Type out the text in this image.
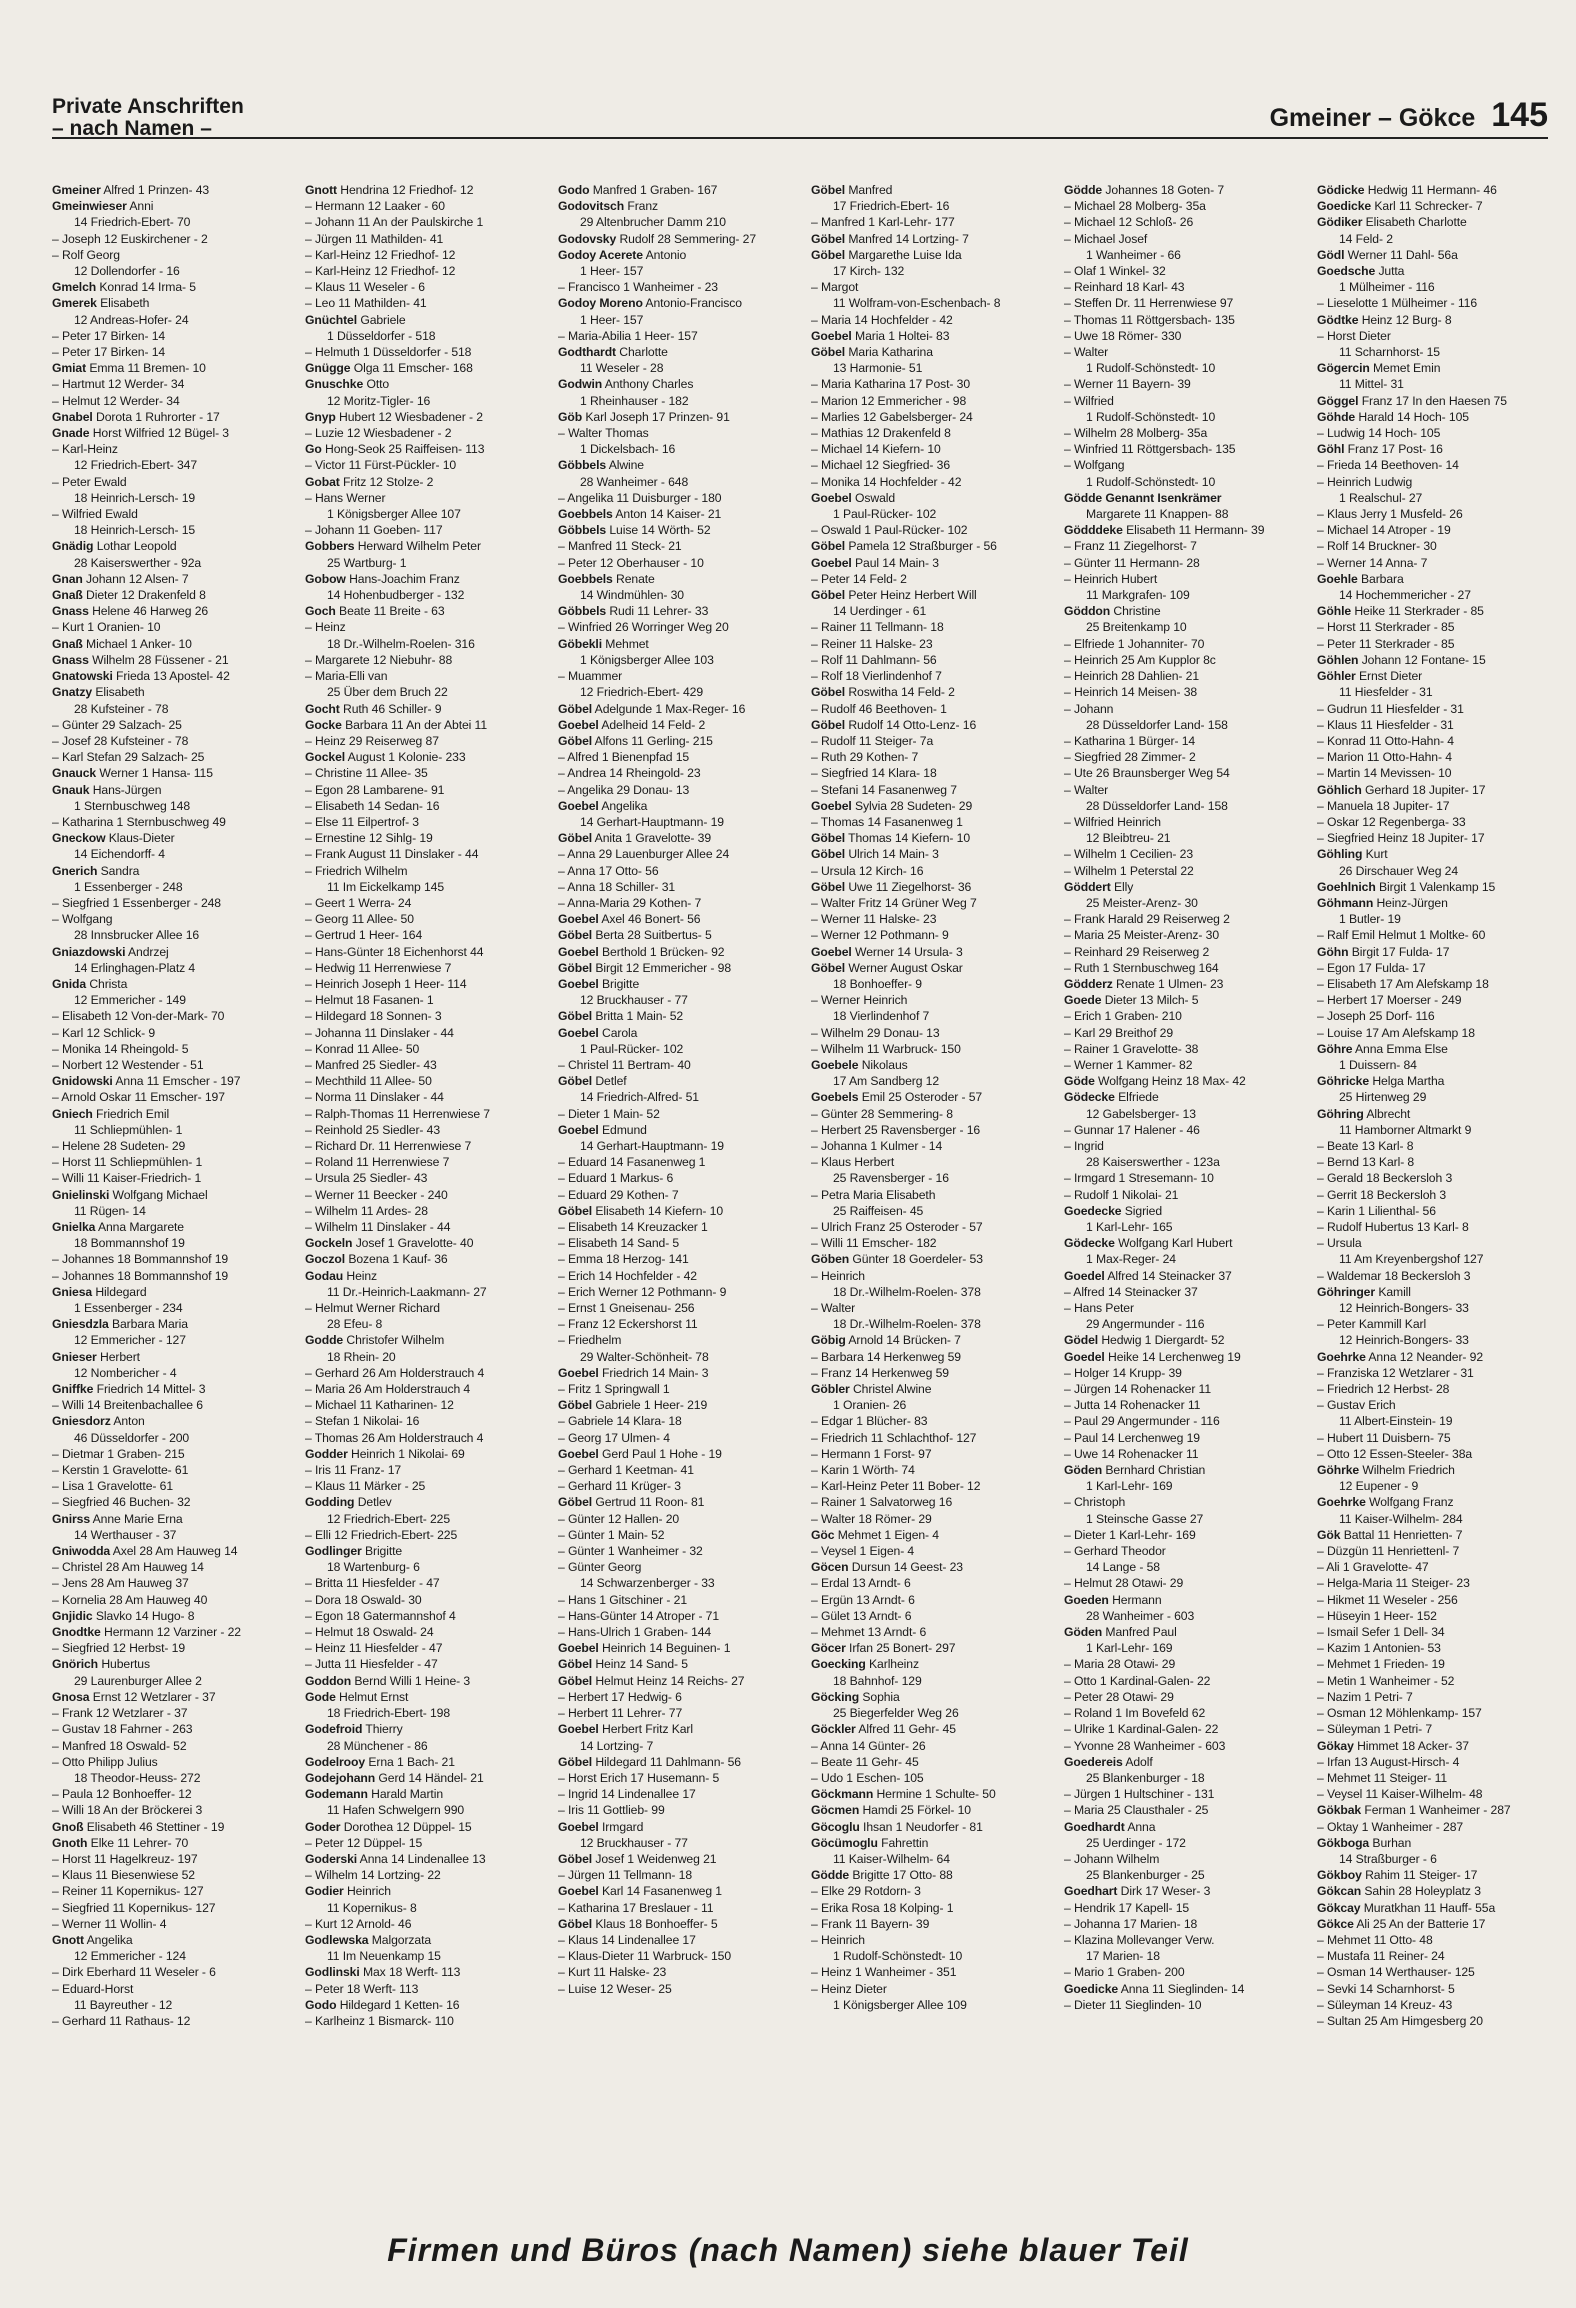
Private Anschriften
– nach Namen –	Gmeiner – Gökce 145
Gmeiner Alfred 1 Prinzen- 43
Gmeinwieser Anni
14 Friedrich-Ebert- 70
– Joseph 12 Euskirchener - 2
– Rolf Georg
12 Dollendorfer - 16
Gmelch Konrad 14 Irma- 5
Gmerek Elisabeth
12 Andreas-Hofer- 24
– Peter 17 Birken- 14
– Peter 17 Birken- 14
Gmiat Emma 11 Bremen- 10
– Hartmut 12 Werder- 34
– Helmut 12 Werder- 34
Gnabel Dorota 1 Ruhrorter - 17
Gnade Horst Wilfried 12 Bügel- 3
– Karl-Heinz
12 Friedrich-Ebert- 347
– Peter Ewald
18 Heinrich-Lersch- 19
– Wilfried Ewald
18 Heinrich-Lersch- 15
Gnädig Lothar Leopold
28 Kaiserswerther - 92a
Gnan Johann 12 Alsen- 7
Gnaß Dieter 12 Drakenfeld 8
Gnass Helene 46 Harweg 26
– Kurt 1 Oranien- 10
Gnaß Michael 1 Anker- 10
Gnass Wilhelm 28 Füssener - 21
Gnatowski Frieda 13 Apostel- 42
Gnatzy Elisabeth
28 Kufsteiner - 78
– Günter 29 Salzach- 25
– Josef 28 Kufsteiner - 78
– Karl Stefan 29 Salzach- 25
Gnauck Werner 1 Hansa- 115
Gnauk Hans-Jürgen
1 Sternbuschweg 148
– Katharina 1 Sternbuschweg 49
Gneckow Klaus-Dieter
14 Eichendorff- 4
Gnerich Sandra
1 Essenberger - 248
– Siegfried 1 Essenberger - 248
– Wolfgang
28 Innsbrucker Allee 16
Gniazdowski Andrzej
14 Erlinghagen-Platz 4
Gnida Christa
12 Emmericher - 149
– Elisabeth 12 Von-der-Mark- 70
– Karl 12 Schlick- 9
– Monika 14 Rheingold- 5
– Norbert 12 Westender - 51
Gnidowski Anna 11 Emscher - 197
– Arnold Oskar 11 Emscher- 197
Gniech Friedrich Emil
11 Schliepmühlen- 1
– Helene 28 Sudeten- 29
– Horst 11 Schliepmühlen- 1
– Willi 11 Kaiser-Friedrich- 1
Gnielinski Wolfgang Michael
11 Rügen- 14
Gnielka Anna Margarete
18 Bommannshof 19
– Johannes 18 Bommannshof 19
– Johannes 18 Bommannshof 19
Gniesa Hildegard
1 Essenberger - 234
Gniesdzla Barbara Maria
12 Emmericher - 127
Gnieser Herbert
12 Nombericher - 4
Gniffke Friedrich 14 Mittel- 3
– Willi 14 Breitenbachallee 6
Gniesdorz Anton
46 Düsseldorfer - 200
– Dietmar 1 Graben- 215
– Kerstin 1 Gravelotte- 61
– Lisa 1 Gravelotte- 61
– Siegfried 46 Buchen- 32
Gnirss Anne Marie Erna
14 Werthauser - 37
Gniwodda Axel 28 Am Hauweg 14
– Christel 28 Am Hauweg 14
– Jens 28 Am Hauweg 37
– Kornelia 28 Am Hauweg 40
Gnjidic Slavko 14 Hugo- 8
Gnodtke Hermann 12 Varziner - 22
– Siegfried 12 Herbst- 19
Gnörich Hubertus
29 Laurenburger Allee 2
Gnosa Ernst 12 Wetzlarer - 37
– Frank 12 Wetzlarer - 37
– Gustav 18 Fahrner - 263
– Manfred 18 Oswald- 52
– Otto Philipp Julius
18 Theodor-Heuss- 272
– Paula 12 Bonhoeffer- 12
– Willi 18 An der Bröckerei 3
Gnoß Elisabeth 46 Stettiner - 19
Gnoth Elke 11 Lehrer- 70
– Horst 11 Hagelkreuz- 197
– Klaus 11 Biesenwiese 52
– Reiner 11 Kopernikus- 127
– Siegfried 11 Kopernikus- 127
– Werner 11 Wollin- 4
Gnott Angelika
12 Emmericher - 124
– Dirk Eberhard 11 Weseler - 6
– Eduard-Horst
11 Bayreuther - 12
– Gerhard 11 Rathaus- 12
Gnott Hendrina 12 Friedhof- 12
– Hermann 12 Laaker - 60
– Johann 11 An der Paulskirche 1
– Jürgen 11 Mathilden- 41
– Karl-Heinz 12 Friedhof- 12
– Karl-Heinz 12 Friedhof- 12
– Klaus 11 Weseler - 6
– Leo 11 Mathilden- 41
Gnüchtel Gabriele
1 Düsseldorfer - 518
– Helmuth 1 Düsseldorfer - 518
Gnügge Olga 11 Emscher- 168
Gnuschke Otto
12 Moritz-Tigler- 16
Gnyp Hubert 12 Wiesbadener - 2
– Luzie 12 Wiesbadener - 2
Go Hong-Seok 25 Raiffeisen- 113
– Victor 11 Fürst-Pückler- 10
Gobat Fritz 12 Stolze- 2
– Hans Werner
1 Königsberger Allee 107
– Johann 11 Goeben- 117
Gobbers Herward Wilhelm Peter
25 Wartburg- 1
Gobow Hans-Joachim Franz
14 Hohenbudberger - 132
Goch Beate 11 Breite - 63
– Heinz
18 Dr.-Wilhelm-Roelen- 316
– Margarete 12 Niebuhr- 88
– Maria-Elli van
25 Über dem Bruch 22
Gocht Ruth 46 Schiller- 9
Gocke Barbara 11 An der Abtei 11
– Heinz 29 Reiserweg 87
Gockel August 1 Kolonie- 233
– Christine 11 Allee- 35
– Egon 28 Lambarene- 91
– Elisabeth 14 Sedan- 16
– Else 11 Eilpertrof- 3
– Ernestine 12 Sihlg- 19
– Frank August 11 Dinslaker - 44
– Friedrich Wilhelm
11 Im Eickelkamp 145
– Geert 1 Werra- 24
– Georg 11 Allee- 50
– Gertrud 1 Heer- 164
– Hans-Günter 18 Eichenhorst 44
– Hedwig 11 Herrenwiese 7
– Heinrich Joseph 1 Heer- 114
– Helmut 18 Fasanen- 1
– Hildegard 18 Sonnen- 3
– Johanna 11 Dinslaker - 44
– Konrad 11 Allee- 50
– Manfred 25 Siedler- 43
– Mechthild 11 Allee- 50
– Norma 11 Dinslaker - 44
– Ralph-Thomas 11 Herrenwiese 7
– Reinhold 25 Siedler- 43
– Richard Dr. 11 Herrenwiese 7
– Roland 11 Herrenwiese 7
– Ursula 25 Siedler- 43
– Werner 11 Beecker - 240
– Wilhelm 11 Ardes- 28
– Wilhelm 11 Dinslaker - 44
Gockeln Josef 1 Gravelotte- 40
Goczol Bozena 1 Kauf- 36
Godau Heinz
11 Dr.-Heinrich-Laakmann- 27
– Helmut Werner Richard
28 Efeu- 8
Godde Christofer Wilhelm
18 Rhein- 20
– Gerhard 26 Am Holderstrauch 4
– Maria 26 Am Holderstrauch 4
– Michael 11 Katharinen- 12
– Stefan 1 Nikolai- 16
– Thomas 26 Am Holderstrauch 4
Godder Heinrich 1 Nikolai- 69
– Iris 11 Franz- 17
– Klaus 11 Märker - 25
Godding Detlev
12 Friedrich-Ebert- 225
– Elli 12 Friedrich-Ebert- 225
Godlinger Brigitte
18 Wartenburg- 6
– Britta 11 Hiesfelder - 47
– Dora 18 Oswald- 30
– Egon 18 Gatermannshof 4
– Helmut 18 Oswald- 24
– Heinz 11 Hiesfelder - 47
– Jutta 11 Hiesfelder - 47
Goddon Bernd Willi 1 Heine- 3
Gode Helmut Ernst
18 Friedrich-Ebert- 198
Godefroid Thierry
28 Münchener - 86
Godelrooy Erna 1 Bach- 21
Godejohann Gerd 14 Händel- 21
Godemann Harald Martin
11 Hafen Schwelgern 990
Goder Dorothea 12 Düppel- 15
– Peter 12 Düppel- 15
Goderski Anna 14 Lindenallee 13
– Wilhelm 14 Lortzing- 22
Godier Heinrich
11 Kopernikus- 8
– Kurt 12 Arnold- 46
Godlewska Malgorzata
11 Im Neuenkamp 15
Godlinski Max 18 Werft- 113
– Peter 18 Werft- 113
Godo Hildegard 1 Ketten- 16
– Karlheinz 1 Bismarck- 110
Godo Manfred 1 Graben- 167
Godovitsch Franz
29 Altenbrucher Damm 210
Godovsky Rudolf 28 Semmering- 27
Godoy Acerete Antonio
1 Heer- 157
– Francisco 1 Wanheimer - 23
Godoy Moreno Antonio-Francisco
1 Heer- 157
– Maria-Abilia 1 Heer- 157
Godthardt Charlotte
11 Weseler - 28
Godwin Anthony Charles
1 Rheinhauser - 182
Göb Karl Joseph 17 Prinzen- 91
– Walter Thomas
1 Dickelsbach- 16
Göbbels Alwine
28 Wanheimer - 648
– Angelika 11 Duisburger - 180
Goebbels Anton 14 Kaiser- 21
Göbbels Luise 14 Wörth- 52
– Manfred 11 Steck- 21
– Peter 12 Oberhauser - 10
Goebbels Renate
14 Windmühlen- 30
Göbbels Rudi 11 Lehrer- 33
– Winfried 26 Worringer Weg 20
Göbekli Mehmet
1 Königsberger Allee 103
– Muammer
12 Friedrich-Ebert- 429
Göbel Adelgunde 1 Max-Reger- 16
Goebel Adelheid 14 Feld- 2
Göbel Alfons 11 Gerling- 215
– Alfred 1 Bienenpfad 15
– Andrea 14 Rheingold- 23
– Angelika 29 Donau- 13
Goebel Angelika
14 Gerhart-Hauptmann- 19
Göbel Anita 1 Gravelotte- 39
– Anna 29 Lauenburger Allee 24
– Anna 17 Otto- 56
– Anna 18 Schiller- 31
– Anna-Maria 29 Kothen- 7
Goebel Axel 46 Bonert- 56
Göbel Berta 28 Suitbertus- 5
Goebel Berthold 1 Brücken- 92
Göbel Birgit 12 Emmericher - 98
Goebel Brigitte
12 Bruckhauser - 77
Göbel Britta 1 Main- 52
Goebel Carola
1 Paul-Rücker- 102
– Christel 11 Bertram- 40
Göbel Detlef
14 Friedrich-Alfred- 51
– Dieter 1 Main- 52
Goebel Edmund
14 Gerhart-Hauptmann- 19
– Eduard 14 Fasanenweg 1
– Eduard 1 Markus- 6
– Eduard 29 Kothen- 7
Göbel Elisabeth 14 Kiefern- 10
– Elisabeth 14 Kreuzacker 1
– Elisabeth 14 Sand- 5
– Emma 18 Herzog- 141
– Erich 14 Hochfelder - 42
– Erich Werner 12 Pothmann- 9
– Ernst 1 Gneisenau- 256
– Franz 12 Eckershorst 11
– Friedhelm
29 Walter-Schönheit- 78
Goebel Friedrich 14 Main- 3
– Fritz 1 Springwall 1
Göbel Gabriele 1 Heer- 219
– Gabriele 14 Klara- 18
– Georg 17 Ulmen- 4
Goebel Gerd Paul 1 Hohe - 19
– Gerhard 1 Keetman- 41
– Gerhard 11 Krüger- 3
Göbel Gertrud 11 Roon- 81
– Günter 12 Hallen- 20
– Günter 1 Main- 52
– Günter 1 Wanheimer - 32
– Günter Georg
14 Schwarzenberger - 33
– Hans 1 Gitschiner - 21
– Hans-Günter 14 Atroper - 71
– Hans-Ulrich 1 Graben- 144
Goebel Heinrich 14 Beguinen- 1
Göbel Heinz 14 Sand- 5
Göbel Helmut Heinz 14 Reichs- 27
– Herbert 17 Hedwig- 6
– Herbert 11 Lehrer- 77
Goebel Herbert Fritz Karl
14 Lortzing- 7
Göbel Hildegard 11 Dahlmann- 56
– Horst Erich 17 Husemann- 5
– Ingrid 14 Lindenallee 17
– Iris 11 Gottlieb- 99
Goebel Irmgard
12 Bruckhauser - 77
Göbel Josef 1 Weidenweg 21
– Jürgen 11 Tellmann- 18
Goebel Karl 14 Fasanenweg 1
– Katharina 17 Breslauer - 11
Göbel Klaus 18 Bonhoeffer- 5
– Klaus 14 Lindenallee 17
– Klaus-Dieter 11 Warbruck- 150
– Kurt 11 Halske- 23
– Luise 12 Weser- 25
Göbel Manfred
17 Friedrich-Ebert- 16
– Manfred 1 Karl-Lehr- 177
Göbel Manfred 14 Lortzing- 7
Göbel Margarethe Luise Ida
17 Kirch- 132
– Margot
11 Wolfram-von-Eschenbach- 8
– Maria 14 Hochfelder - 42
Goebel Maria 1 Holtei- 83
Göbel Maria Katharina
13 Harmonie- 51
– Maria Katharina 17 Post- 30
– Marion 12 Emmericher - 98
– Marlies 12 Gabelsberger- 24
– Mathias 12 Drakenfeld 8
– Michael 14 Kiefern- 10
– Michael 12 Siegfried- 36
– Monika 14 Hochfelder - 42
Goebel Oswald
1 Paul-Rücker- 102
– Oswald 1 Paul-Rücker- 102
Göbel Pamela 12 Straßburger - 56
Goebel Paul 14 Main- 3
– Peter 14 Feld- 2
Göbel Peter Heinz Herbert Will
14 Uerdinger - 61
– Rainer 11 Tellmann- 18
– Reiner 11 Halske- 23
– Rolf 11 Dahlmann- 56
– Rolf 18 Vierlindenhof 7
Göbel Roswitha 14 Feld- 2
– Rudolf 46 Beethoven- 1
Göbel Rudolf 14 Otto-Lenz- 16
– Rudolf 11 Steiger- 7a
– Ruth 29 Kothen- 7
– Siegfried 14 Klara- 18
– Stefani 14 Fasanenweg 7
Goebel Sylvia 28 Sudeten- 29
– Thomas 14 Fasanenweg 1
Göbel Thomas 14 Kiefern- 10
Göbel Ulrich 14 Main- 3
– Ursula 12 Kirch- 16
Göbel Uwe 11 Ziegelhorst- 36
– Walter Fritz 14 Grüner Weg 7
– Werner 11 Halske- 23
– Werner 12 Pothmann- 9
Goebel Werner 14 Ursula- 3
Göbel Werner August Oskar
18 Bonhoeffer- 9
– Werner Heinrich
18 Vierlindenhof 7
– Wilhelm 29 Donau- 13
– Wilhelm 11 Warbruck- 150
Goebele Nikolaus
17 Am Sandberg 12
Goebels Emil 25 Osteroder - 57
– Günter 28 Semmering- 8
– Herbert 25 Ravensberger - 16
– Johanna 1 Kulmer - 14
– Klaus Herbert
25 Ravensberger - 16
– Petra Maria Elisabeth
25 Raiffeisen- 45
– Ulrich Franz 25 Osteroder - 57
– Willi 11 Emscher- 182
Göben Günter 18 Goerdeler- 53
– Heinrich
18 Dr.-Wilhelm-Roelen- 378
– Walter
18 Dr.-Wilhelm-Roelen- 378
Göbig Arnold 14 Brücken- 7
– Barbara 14 Herkenweg 59
– Franz 14 Herkenweg 59
Göbler Christel Alwine
1 Oranien- 26
– Edgar 1 Blücher- 83
– Friedrich 11 Schlachthof- 127
– Hermann 1 Forst- 97
– Karin 1 Wörth- 74
– Karl-Heinz Peter 11 Bober- 12
– Rainer 1 Salvatorweg 16
– Walter 18 Römer- 29
Göc Mehmet 1 Eigen- 4
– Veysel 1 Eigen- 4
Göcen Dursun 14 Geest- 23
– Erdal 13 Arndt- 6
– Ergün 13 Arndt- 6
– Gület 13 Arndt- 6
– Mehmet 13 Arndt- 6
Göcer Irfan 25 Bonert- 297
Goecking Karlheinz
18 Bahnhof- 129
Göcking Sophia
25 Biegerfelder Weg 26
Göckler Alfred 11 Gehr- 45
– Anna 14 Günter- 26
– Beate 11 Gehr- 45
– Udo 1 Eschen- 105
Göckmann Hermine 1 Schulte- 50
Göcmen Hamdi 25 Förkel- 10
Göcoglu Ihsan 1 Neudorfer - 81
Göcümoglu Fahrettin
11 Kaiser-Wilhelm- 64
Gödde Brigitte 17 Otto- 88
– Elke 29 Rotdorn- 3
– Erika Rosa 18 Kolping- 1
– Frank 11 Bayern- 39
– Heinrich
1 Rudolf-Schönstedt- 10
– Heinz 1 Wanheimer - 351
– Heinz Dieter
1 Königsberger Allee 109
Gödde Johannes 18 Goten- 7
– Michael 28 Molberg- 35a
– Michael 12 Schloß- 26
– Michael Josef
1 Wanheimer - 66
– Olaf 1 Winkel- 32
– Reinhard 18 Karl- 43
– Steffen Dr. 11 Herrenwiese 97
– Thomas 11 Röttgersbach- 135
– Uwe 18 Römer- 330
– Walter
1 Rudolf-Schönstedt- 10
– Werner 11 Bayern- 39
– Wilfried
1 Rudolf-Schönstedt- 10
– Wilhelm 28 Molberg- 35a
– Winfried 11 Röttgersbach- 135
– Wolfgang
1 Rudolf-Schönstedt- 10
Gödde Genannt Isenkrämer
Margarete 11 Knappen- 88
Gödddeke Elisabeth 11 Hermann- 39
– Franz 11 Ziegelhorst- 7
– Günter 11 Hermann- 28
– Heinrich Hubert
11 Markgrafen- 109
Göddon Christine
25 Breitenkamp 10
– Elfriede 1 Johanniter- 70
– Heinrich 25 Am Kupplor 8c
– Heinrich 28 Dahlien- 21
– Heinrich 14 Meisen- 38
– Johann
28 Düsseldorfer Land- 158
– Katharina 1 Bürger- 14
– Siegfried 28 Zimmer- 2
– Ute 26 Braunsberger Weg 54
– Walter
28 Düsseldorfer Land- 158
– Wilfried Heinrich
12 Bleibtreu- 21
– Wilhelm 1 Cecilien- 23
– Wilhelm 1 Peterstal 22
Göddert Elly
25 Meister-Arenz- 30
– Frank Harald 29 Reiserweg 2
– Maria 25 Meister-Arenz- 30
– Reinhard 29 Reiserweg 2
– Ruth 1 Sternbuschweg 164
Gödderz Renate 1 Ulmen- 23
Goede Dieter 13 Milch- 5
– Erich 1 Graben- 210
– Karl 29 Breithof 29
– Rainer 1 Gravelotte- 38
– Werner 1 Kammer- 82
Göde Wolfgang Heinz 18 Max- 42
Gödecke Elfriede
12 Gabelsberger- 13
– Gunnar 17 Halener - 46
– Ingrid
28 Kaiserswerther - 123a
– Irmgard 1 Stresemann- 10
– Rudolf 1 Nikolai- 21
Goedecke Sigried
1 Karl-Lehr- 165
Gödecke Wolfgang Karl Hubert
1 Max-Reger- 24
Goedel Alfred 14 Steinacker 37
– Alfred 14 Steinacker 37
– Hans Peter
29 Angermunder - 116
Gödel Hedwig 1 Diergardt- 52
Goedel Heike 14 Lerchenweg 19
– Holger 14 Krupp- 39
– Jürgen 14 Rohenacker 11
– Jutta 14 Rohenacker 11
– Paul 29 Angermunder - 116
– Paul 14 Lerchenweg 19
– Uwe 14 Rohenacker 11
Göden Bernhard Christian
1 Karl-Lehr- 169
– Christoph
1 Steinsche Gasse 27
– Dieter 1 Karl-Lehr- 169
– Gerhard Theodor
14 Lange - 58
– Helmut 28 Otawi- 29
Goeden Hermann
28 Wanheimer - 603
Göden Manfred Paul
1 Karl-Lehr- 169
– Maria 28 Otawi- 29
– Otto 1 Kardinal-Galen- 22
– Peter 28 Otawi- 29
– Roland 1 Im Bovefeld 62
– Ulrike 1 Kardinal-Galen- 22
– Yvonne 28 Wanheimer - 603
Goedereis Adolf
25 Blankenburger - 18
– Jürgen 1 Hultschiner - 131
– Maria 25 Clausthaler - 25
Goedhardt Anna
25 Uerdinger - 172
– Johann Wilhelm
25 Blankenburger - 25
Goedhart Dirk 17 Weser- 3
– Hendrik 17 Kapell- 15
– Johanna 17 Marien- 18
– Klazina Mollevanger Verw.
17 Marien- 18
– Mario 1 Graben- 200
Goedicke Anna 11 Sieglinden- 14
– Dieter 11 Sieglinden- 10
Gödicke Hedwig 11 Hermann- 46
Goedicke Karl 11 Schrecker- 7
Gödiker Elisabeth Charlotte
14 Feld- 2
Gödl Werner 11 Dahl- 56a
Goedsche Jutta
1 Mülheimer - 116
– Lieselotte 1 Mülheimer - 116
Gödtke Heinz 12 Burg- 8
– Horst Dieter
11 Scharnhorst- 15
Gögercin Memet Emin
11 Mittel- 31
Göggel Franz 17 In den Haesen 75
Göhde Harald 14 Hoch- 105
– Ludwig 14 Hoch- 105
Göhl Franz 17 Post- 16
– Frieda 14 Beethoven- 14
– Heinrich Ludwig
1 Realschul- 27
– Klaus Jerry 1 Musfeld- 26
– Michael 14 Atroper - 19
– Rolf 14 Bruckner- 30
– Werner 14 Anna- 7
Goehle Barbara
14 Hochemmericher - 27
Göhle Heike 11 Sterkrader - 85
– Horst 11 Sterkrader - 85
– Peter 11 Sterkrader - 85
Göhlen Johann 12 Fontane- 15
Göhler Ernst Dieter
11 Hiesfelder - 31
– Gudrun 11 Hiesfelder - 31
– Klaus 11 Hiesfelder - 31
– Konrad 11 Otto-Hahn- 4
– Marion 11 Otto-Hahn- 4
– Martin 14 Mevissen- 10
Göhlich Gerhard 18 Jupiter- 17
– Manuela 18 Jupiter- 17
– Oskar 12 Regenberga- 33
– Siegfried Heinz 18 Jupiter- 17
Göhling Kurt
26 Dirschauer Weg 24
Goehlnich Birgit 1 Valenkamp 15
Göhmann Heinz-Jürgen
1 Butler- 19
– Ralf Emil Helmut 1 Moltke- 60
Göhn Birgit 17 Fulda- 17
– Egon 17 Fulda- 17
– Elisabeth 17 Am Alefskamp 18
– Herbert 17 Moerser - 249
– Joseph 25 Dorf- 116
– Louise 17 Am Alefskamp 18
Göhre Anna Emma Else
1 Duissern- 84
Göhricke Helga Martha
25 Hirtenweg 29
Göhring Albrecht
11 Hamborner Altmarkt 9
– Beate 13 Karl- 8
– Bernd 13 Karl- 8
– Gerald 18 Beckersloh 3
– Gerrit 18 Beckersloh 3
– Karin 1 Lilienthal- 56
– Rudolf Hubertus 13 Karl- 8
– Ursula
11 Am Kreyenbergshof 127
– Waldemar 18 Beckersloh 3
Göhringer Kamill
12 Heinrich-Bongers- 33
– Peter Kammill Karl
12 Heinrich-Bongers- 33
Goehrke Anna 12 Neander- 92
– Franziska 12 Wetzlarer - 31
– Friedrich 12 Herbst- 28
– Gustav Erich
11 Albert-Einstein- 19
– Hubert 11 Duisbern- 75
– Otto 12 Essen-Steeler- 38a
Göhrke Wilhelm Friedrich
12 Eupener - 9
Goehrke Wolfgang Franz
11 Kaiser-Wilhelm- 284
Gök Battal 11 Henrietten- 7
– Düzgün 11 Henriettenl- 7
– Ali 1 Gravelotte- 47
– Helga-Maria 11 Steiger- 23
– Hikmet 11 Weseler - 256
– Hüseyin 1 Heer- 152
– Ismail Sefer 1 Dell- 34
– Kazim 1 Antonien- 53
– Mehmet 1 Frieden- 19
– Metin 1 Wanheimer - 52
– Nazim 1 Petri- 7
– Osman 12 Möhlenkamp- 157
– Süleyman 1 Petri- 7
Gökay Himmet 18 Acker- 37
– Irfan 13 August-Hirsch- 4
– Mehmet 11 Steiger- 11
– Veysel 11 Kaiser-Wilhelm- 48
Gökbak Ferman 1 Wanheimer - 287
– Oktay 1 Wanheimer - 287
Gökboga Burhan
14 Straßburger - 6
Gökboy Rahim 11 Steiger- 17
Gökcan Sahin 28 Holeyplatz 3
Gökcay Muratkhan 11 Hauff- 55a
Gökce Ali 25 An der Batterie 17
– Mehmet 11 Otto- 48
– Mustafa 11 Reiner- 24
– Osman 14 Werthauser- 125
– Sevki 14 Scharnhorst- 5
– Süleyman 14 Kreuz- 43
– Sultan 25 Am Himgesberg 20
Firmen und Büros (nach Namen) siehe blauer Teil
